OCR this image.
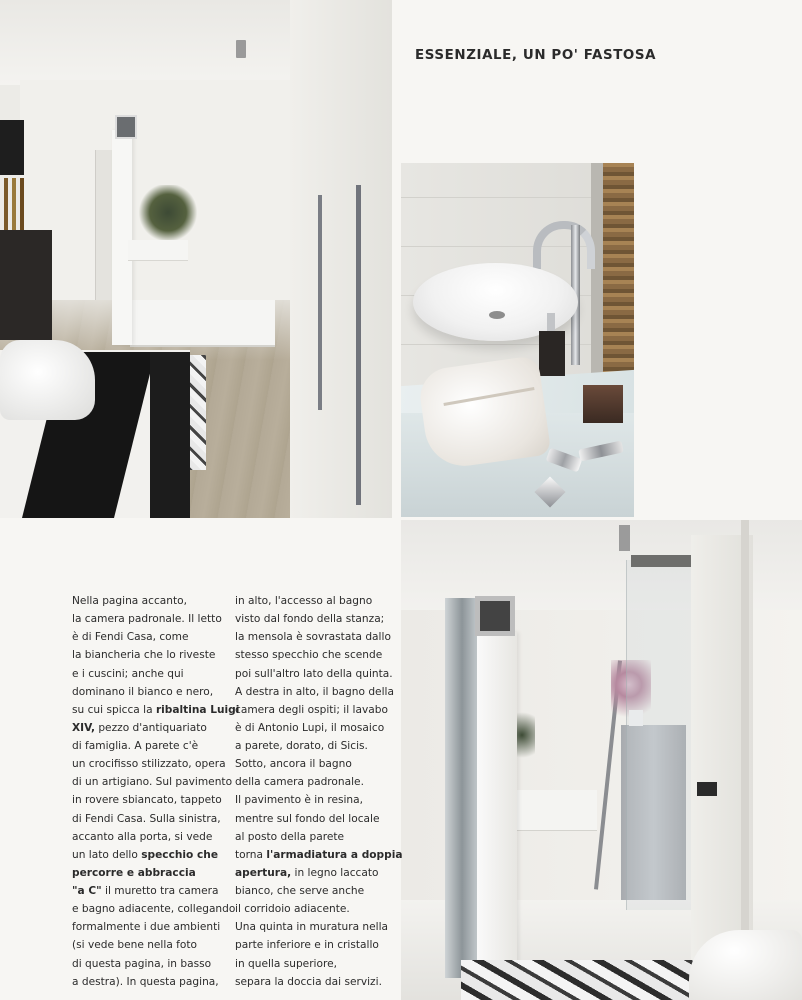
ESSENZIALE, UN PO' FASTOSA

Nella pagina accanto,
la camera padronale. Il letto
è di Fendi Casa, come
la biancheria che lo riveste
e i cuscini; anche qui
dominano il bianco e nero,
su cui spicca la ribaltina Luigi
XIV, pezzo d'antiquariato
di famiglia. A parete c'è
un crocifisso stilizzato, opera
di un artigiano. Sul pavimento
in rovere sbiancato, tappeto
di Fendi Casa. Sulla sinistra,
accanto alla porta, si vede
un lato dello specchio che
percorre e abbraccia
"a C" il muretto tra camera
e bagno adiacente, collegando
formalmente i due ambienti
(si vede bene nella foto
di questa pagina, in basso
a destra). In questa pagina,

in alto, l'accesso al bagno
visto dal fondo della stanza;
la mensola è sovrastata dallo
stesso specchio che scende
poi sull'altro lato della quinta.
A destra in alto, il bagno della
camera degli ospiti; il lavabo
è di Antonio Lupi, il mosaico
a parete, dorato, di Sicis.
Sotto, ancora il bagno
della camera padronale.
Il pavimento è in resina,
mentre sul fondo del locale
al posto della parete
torna l'armadiatura a doppia
apertura, in legno laccato
bianco, che serve anche
il corridoio adiacente.
Una quinta in muratura nella
parte inferiore e in cristallo
in quella superiore,
separa la doccia dai servizi.
